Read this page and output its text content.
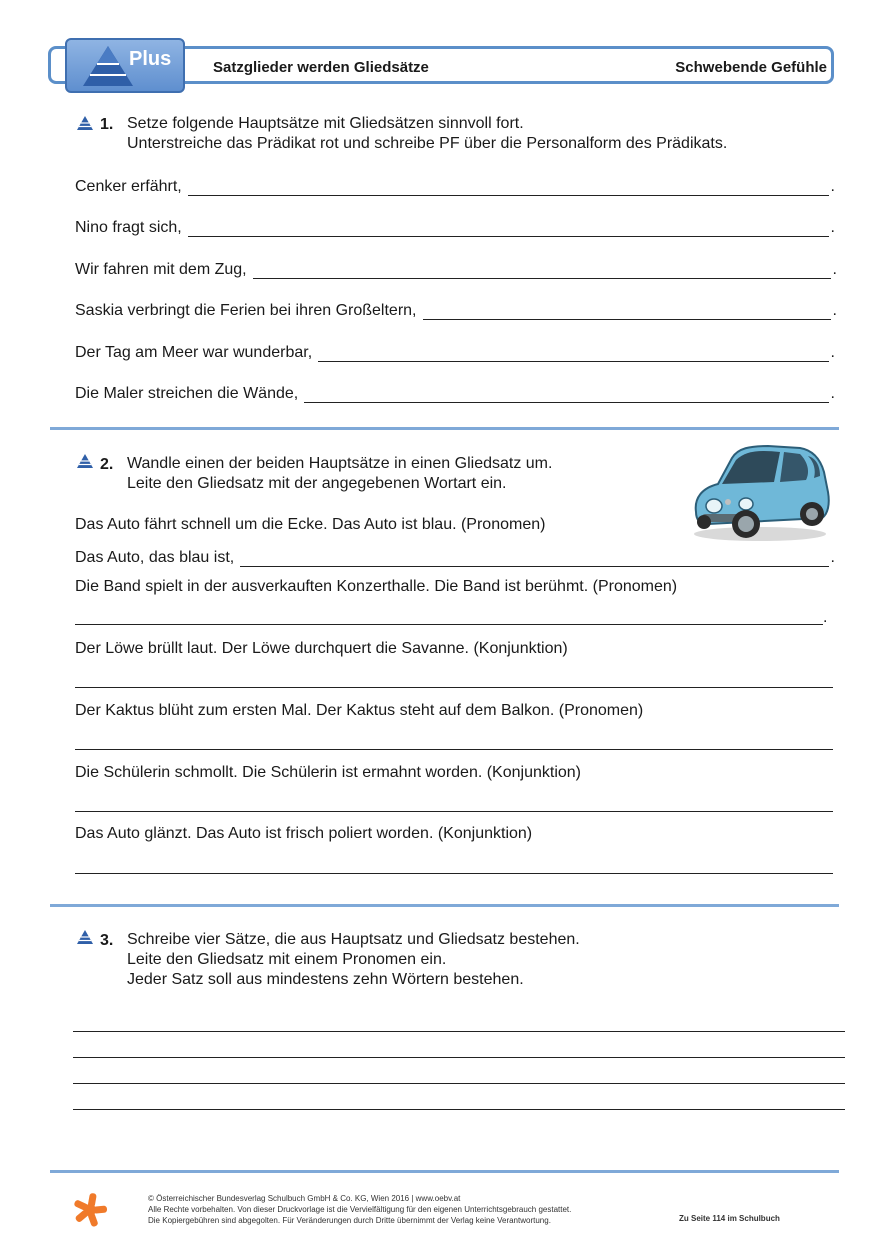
Plus	Satzglieder werden Gliedsätze	Schwebende Gefühle
1. Setze folgende Hauptsätze mit Gliedsätzen sinnvoll fort.
Unterstreiche das Prädikat rot und schreibe PF über die Personalform des Prädikats.
Cenker erfährt,	.
Nino fragt sich,	.
Wir fahren mit dem Zug,	.
Saskia verbringt die Ferien bei ihren Großeltern,	.
Der Tag am Meer war wunderbar,	.
Die Maler streichen die Wände,	.
2. Wandle einen der beiden Hauptsätze in einen Gliedsatz um.
Leite den Gliedsatz mit der angegebenen Wortart ein.
Das Auto fährt schnell um die Ecke. Das Auto ist blau. (Pronomen)
Das Auto, das blau ist,	.
Die Band spielt in der ausverkauften Konzerthalle. Die Band ist berühmt. (Pronomen)
.
Der Löwe brüllt laut. Der Löwe durchquert die Savanne. (Konjunktion)
Der Kaktus blüht zum ersten Mal. Der Kaktus steht auf dem Balkon. (Pronomen)
Die Schülerin schmollt. Die Schülerin ist ermahnt worden. (Konjunktion)
Das Auto glänzt. Das Auto ist frisch poliert worden. (Konjunktion)
3. Schreibe vier Sätze, die aus Hauptsatz und Gliedsatz bestehen.
Leite den Gliedsatz mit einem Pronomen ein.
Jeder Satz soll aus mindestens zehn Wörtern bestehen.
© Österreichischer Bundesverlag Schulbuch GmbH & Co. KG, Wien 2016 | www.oebv.at
Alle Rechte vorbehalten. Von dieser Druckvorlage ist die Vervielfältigung für den eigenen Unterrichtsgebrauch gestattet.
Die Kopiergebühren sind abgegolten. Für Veränderungen durch Dritte übernimmt der Verlag keine Verantwortung.	Zu Seite 114 im Schulbuch
